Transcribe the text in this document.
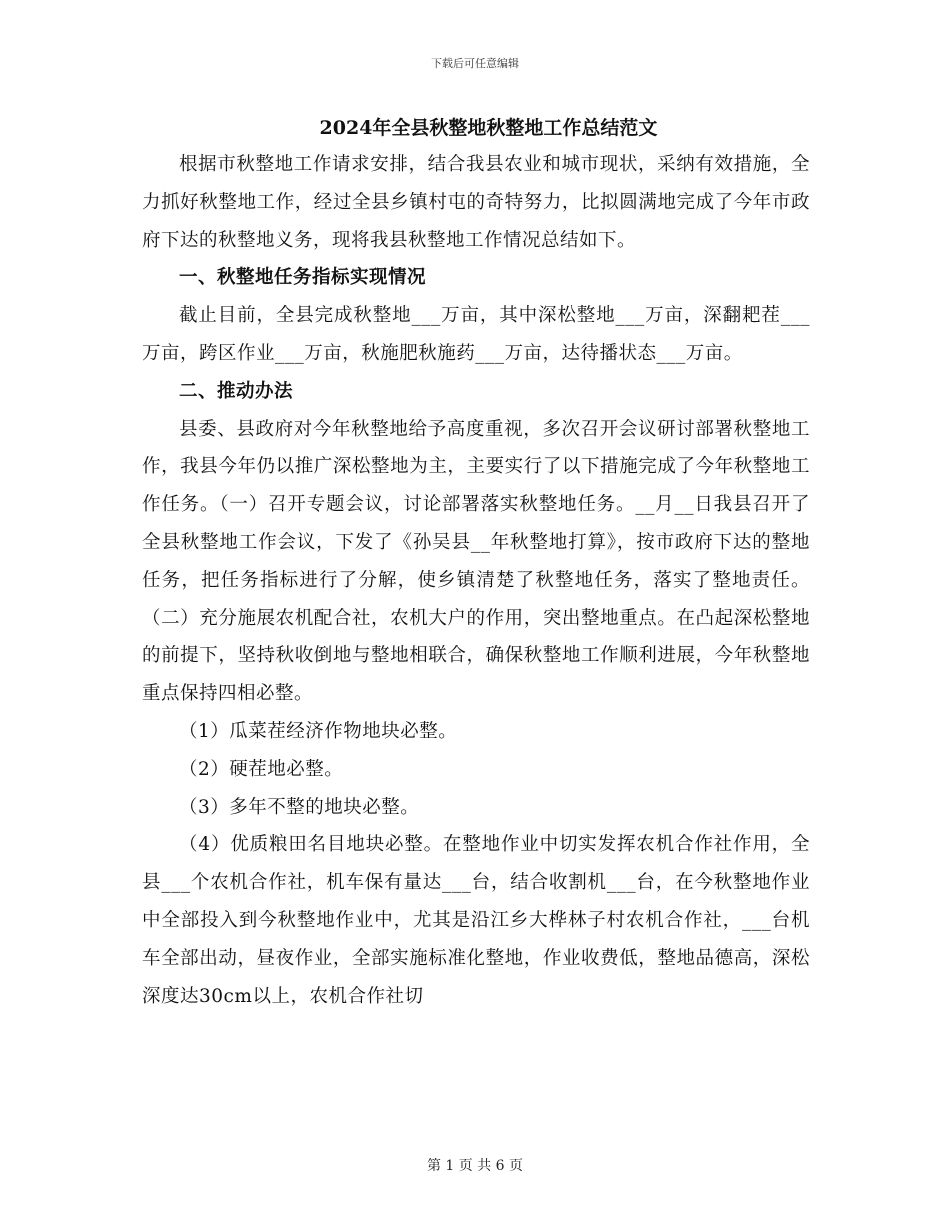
下载后可任意编辑
2024年全县秋整地秋整地工作总结范文

根据市秋整地工作请求安排，结合我县农业和城市现状，采纳有效措施，全力抓好秋整地工作，经过全县乡镇村屯的奇特努力，比拟圆满地完成了今年市政府下达的秋整地义务，现将我县秋整地工作情况总结如下。

一、秋整地任务指标实现情况

截止目前，全县完成秋整地___万亩，其中深松整地___万亩，深翻耙茬___万亩，跨区作业___万亩，秋施肥秋施药___万亩，达待播状态___万亩。

二、推动办法

县委、县政府对今年秋整地给予高度重视，多次召开会议研讨部署秋整地工作，我县今年仍以推广深松整地为主，主要实行了以下措施完成了今年秋整地工作任务。（一）召开专题会议，讨论部署落实秋整地任务。__月__日我县召开了全县秋整地工作会议，下发了《孙吴县__年秋整地打算》，按市政府下达的整地任务，把任务指标进行了分解，使乡镇清楚了秋整地任务，落实了整地责任。（二）充分施展农机配合社，农机大户的作用，突出整地重点。在凸起深松整地的前提下，坚持秋收倒地与整地相联合，确保秋整地工作顺利进展，今年秋整地重点保持四相必整。

（1）瓜菜茬经济作物地块必整。

（2）硬茬地必整。

（3）多年不整的地块必整。

（4）优质粮田名目地块必整。在整地作业中切实发挥农机合作社作用，全县___个农机合作社，机车保有量达___台，结合收割机___台，在今秋整地作业中全部投入到今秋整地作业中，尤其是沿江乡大桦林子村农机合作社，___台机车全部出动，昼夜作业，全部实施标准化整地，作业收费低，整地品德高，深松深度达30cm以上，农机合作社切

第 1 页 共 6 页
